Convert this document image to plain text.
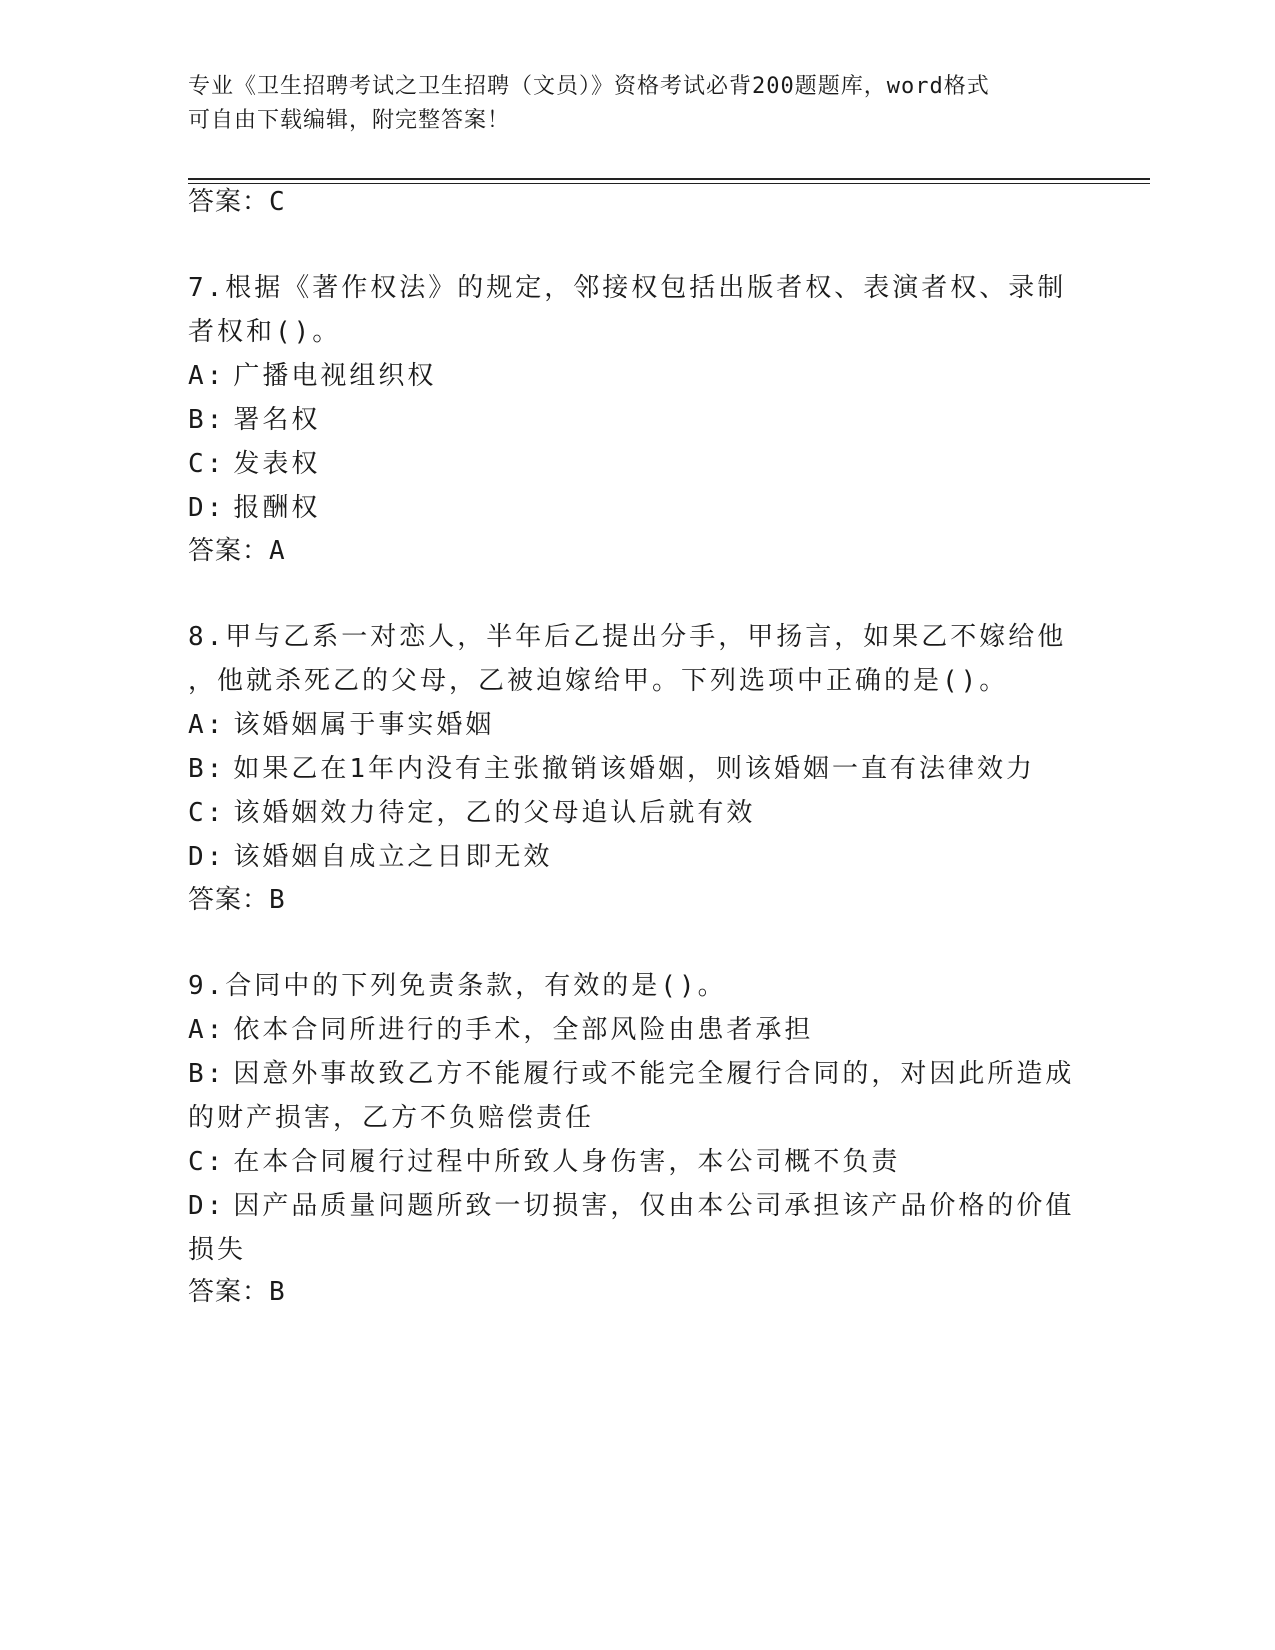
专业《卫生招聘考试之卫生招聘（文员）》资格考试必背200题题库，word格式
可自由下载编辑，附完整答案！
答案：C

7.根据《著作权法》的规定，邻接权包括出版者权、表演者权、录制

者权和()。

A: 广播电视组织权

B: 署名权

C: 发表权

D: 报酬权

答案：A

8.甲与乙系一对恋人，半年后乙提出分手，甲扬言，如果乙不嫁给他

，他就杀死乙的父母，乙被迫嫁给甲。下列选项中正确的是()。

A: 该婚姻属于事实婚姻

B: 如果乙在1年内没有主张撤销该婚姻，则该婚姻一直有法律效力

C: 该婚姻效力待定，乙的父母追认后就有效

D: 该婚姻自成立之日即无效

答案：B

9.合同中的下列免责条款，有效的是()。

A: 依本合同所进行的手术，全部风险由患者承担

B: 因意外事故致乙方不能履行或不能完全履行合同的，对因此所造成

的财产损害，乙方不负赔偿责任

C: 在本合同履行过程中所致人身伤害，本公司概不负责

D: 因产品质量问题所致一切损害，仅由本公司承担该产品价格的价值

损失

答案：B
